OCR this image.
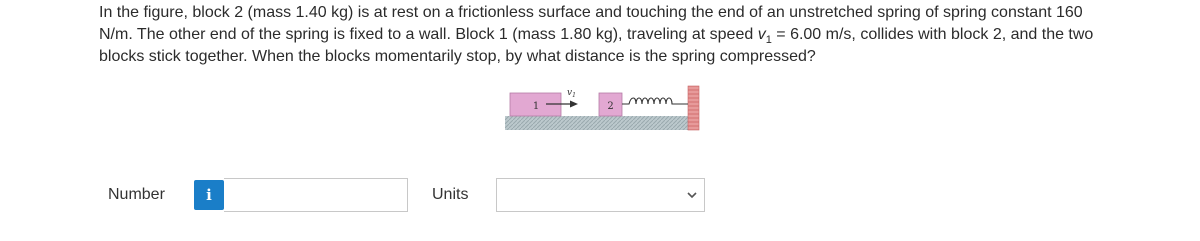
In the figure, block 2 (mass 1.40 kg) is at rest on a frictionless surface and touching the end of an unstretched spring of spring constant 160 N/m. The other end of the spring is fixed to a wall. Block 1 (mass 1.80 kg), traveling at speed $v_1 = 6.00$ m/s, collides with block 2, and the two blocks stick together. When the blocks momentarily stop, by what distance is the spring compressed?
1
$v_1$
2
Number	i	Units
